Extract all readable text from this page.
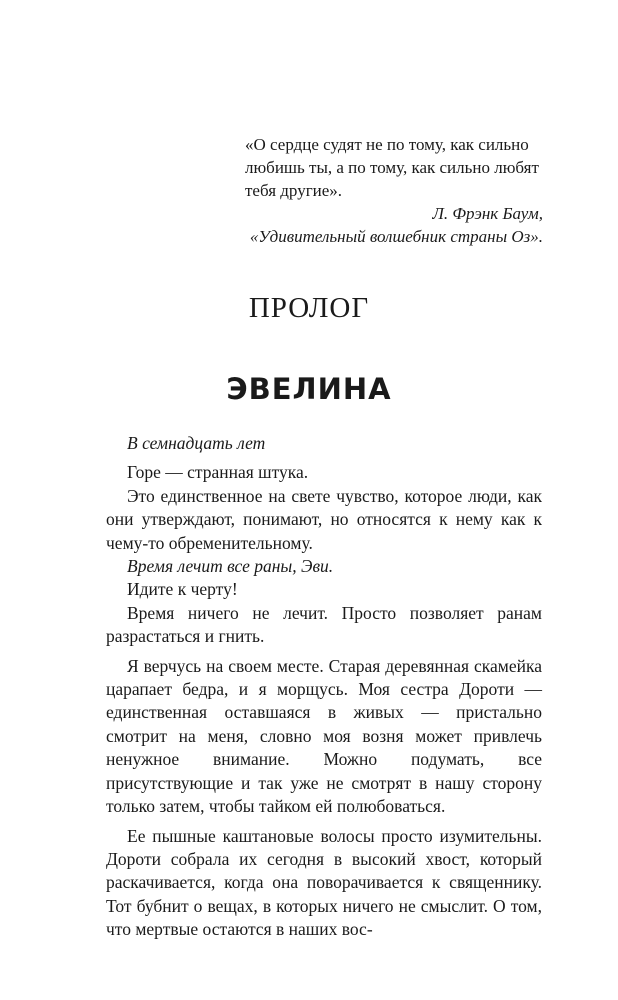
«О сердце судят не по тому, как сильно

любишь ты, а по тому, как сильно любят

тебя другие».

Л. Фрэнк Баум,

«Удивительный волшебник страны Оз».

ПРОЛОГ
ЭВЕЛИНА

В семнадцать лет

Горе — странная штука.

Это единственное на свете чувство, которое люди, как они утверждают, понимают, но относятся к нему как к чему-то обременительному.

Время лечит все раны, Эви.

Идите к черту!

Время ничего не лечит. Просто позволяет ранам разрастаться и гнить.

Я верчусь на своем месте. Старая деревянная скамейка царапает бедра, и я морщусь. Моя сестра Дороти — единственная оставшаяся в живых — пристально смотрит на меня, словно моя возня может привлечь ненужное внимание. Можно подумать, все присутствующие и так уже не смотрят в нашу сторону только затем, чтобы тайком ей полюбоваться.

Ее пышные каштановые волосы просто изумительны. Дороти собрала их сегодня в высокий хвост, который раскачивается, когда она поворачивается к священнику. Тот бубнит о вещах, в которых ничего не смыслит. О том, что мертвые остаются в наших вос-
